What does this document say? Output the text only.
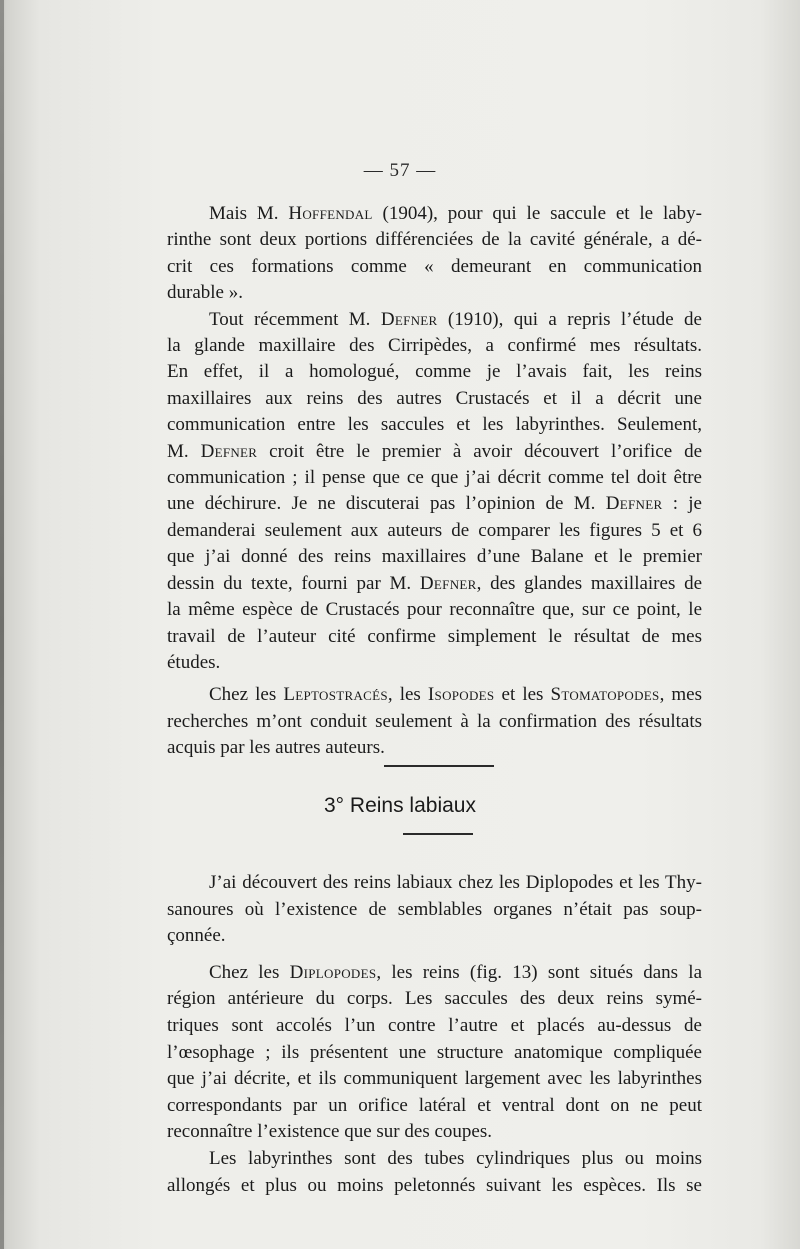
— 57 —
Mais M. Hoffendal (1904), pour qui le saccule et le laby-
rinthe sont deux portions différenciées de la cavité générale, a dé-
crit ces formations comme « demeurant en communication
durable ».
Tout récemment M. Defner (1910), qui a repris l’étude de
la glande maxillaire des Cirripèdes, a confirmé mes résultats.
En effet, il a homologué, comme je l’avais fait, les reins
maxillaires aux reins des autres Crustacés et il a décrit une
communication entre les saccules et les labyrinthes. Seulement,
M. Defner croit être le premier à avoir découvert l’orifice de
communication ; il pense que ce que j’ai décrit comme tel doit être
une déchirure. Je ne discuterai pas l’opinion de M. Defner : je
demanderai seulement aux auteurs de comparer les figures 5 et 6
que j’ai donné des reins maxillaires d’une Balane et le premier
dessin du texte, fourni par M. Defner, des glandes maxillaires de
la même espèce de Crustacés pour reconnaître que, sur ce point, le
travail de l’auteur cité confirme simplement le résultat de mes
études.
Chez les Leptostracés, les Isopodes et les Stomatopodes, mes
recherches m’ont conduit seulement à la confirmation des résultats
acquis par les autres auteurs.
3° Reins labiaux
J’ai découvert des reins labiaux chez les Diplopodes et les Thy-
sanoures où l’existence de semblables organes n’était pas soup-
çonnée.
Chez les Diplopodes, les reins (fig. 13) sont situés dans la
région antérieure du corps. Les saccules des deux reins symé-
triques sont accolés l’un contre l’autre et placés au-dessus de
l’œsophage ; ils présentent une structure anatomique compliquée
que j’ai décrite, et ils communiquent largement avec les labyrinthes
correspondants par un orifice latéral et ventral dont on ne peut
reconnaître l’existence que sur des coupes.
Les labyrinthes sont des tubes cylindriques plus ou moins
allongés et plus ou moins peletonnés suivant les espèces. Ils se
